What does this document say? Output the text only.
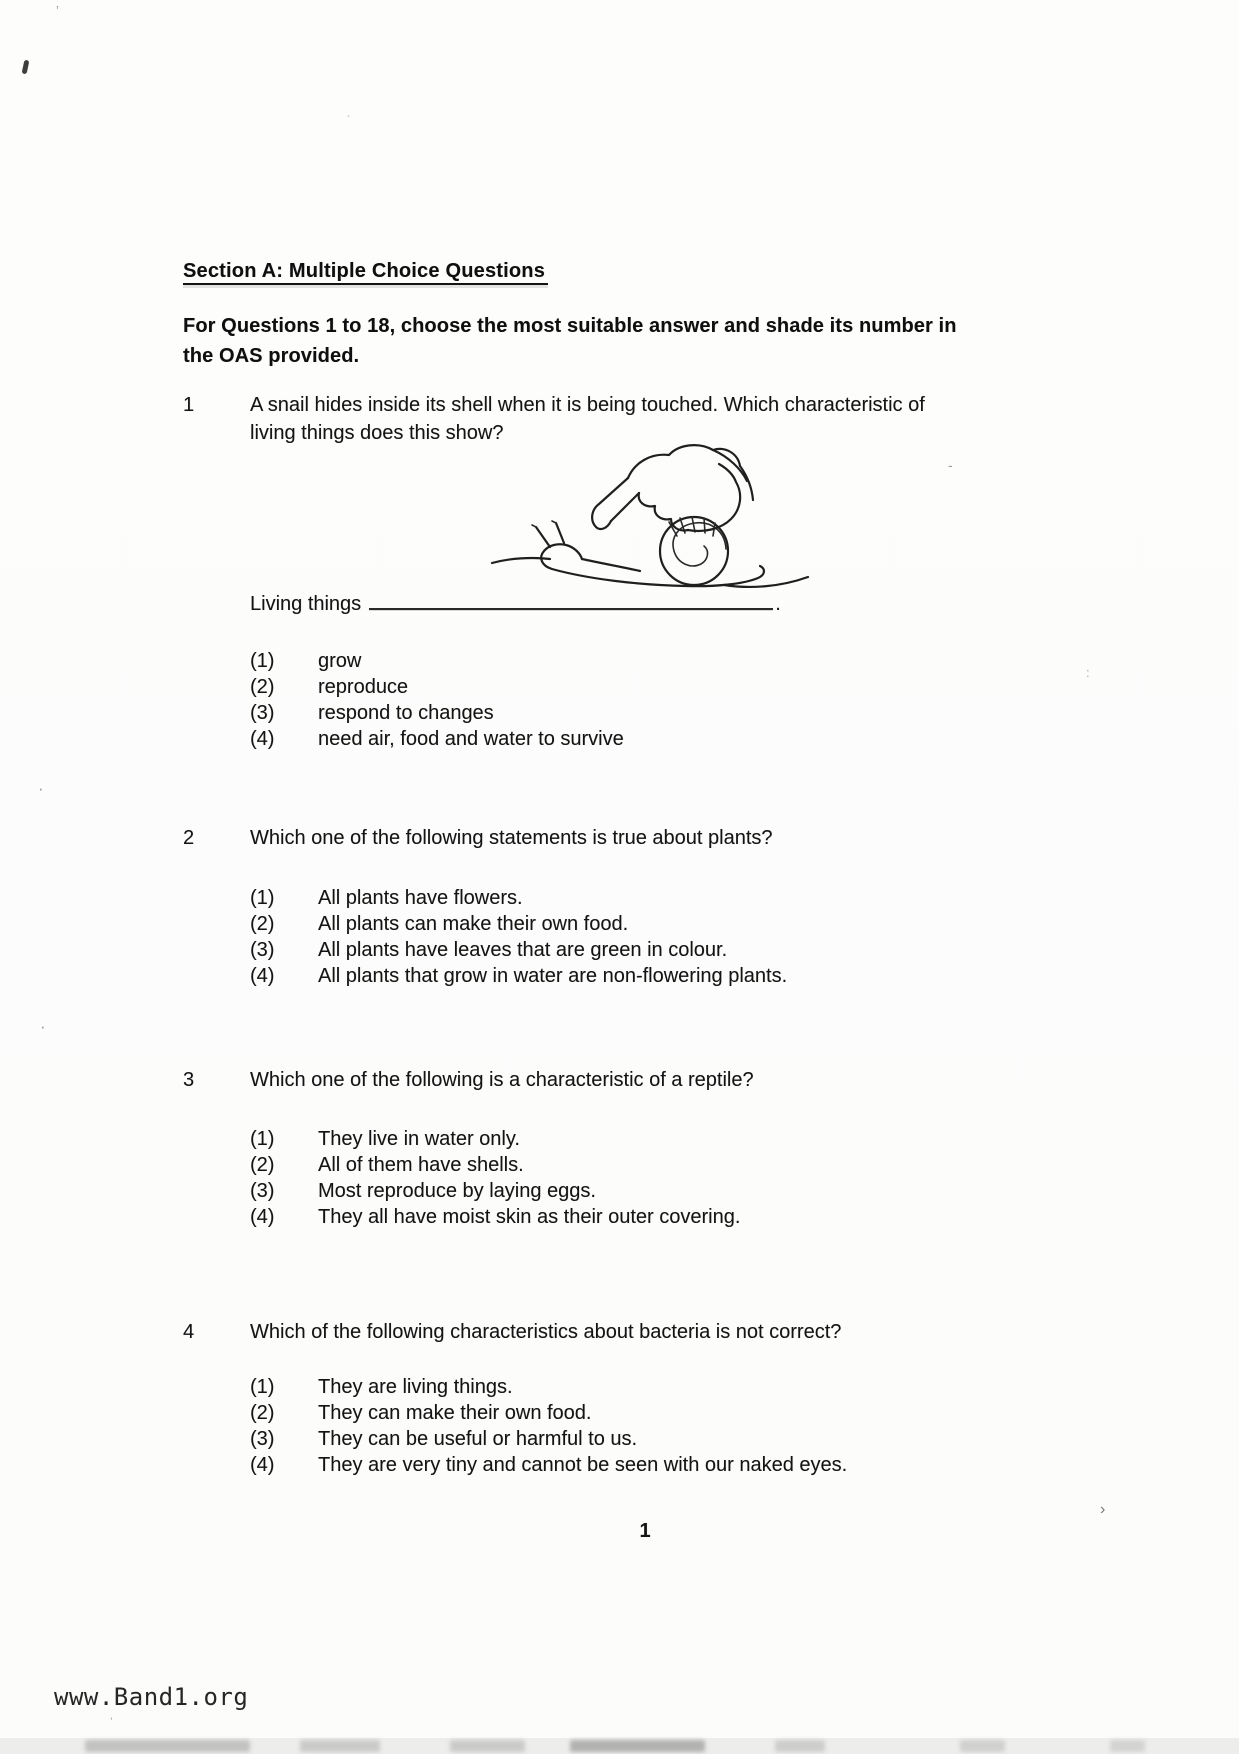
Section A: Multiple Choice Questions
For Questions 1 to 18, choose the most suitable answer and shade its number in
the OAS provided.
1	A snail hides inside its shell when it is being touched. Which characteristic of
living things does this show?
Living things	.
(1)	grow
(2)	reproduce
(3)	respond to changes
(4)	need air, food and water to survive
2	Which one of the following statements is true about plants?
(1)	All plants have flowers.
(2)	All plants can make their own food.
(3)	All plants have leaves that are green in colour.
(4)	All plants that grow in water are non-flowering plants.
3	Which one of the following is a characteristic of a reptile?
(1)	They live in water only.
(2)	All of them have shells.
(3)	Most reproduce by laying eggs.
(4)	They all have moist skin as their outer covering.
4	Which of the following characteristics about bacteria is not correct?
(1)	They are living things.
(2)	They can make their own food.
(3)	They can be useful or harmful to us.
(4)	They are very tiny and cannot be seen with our naked eyes.
1
www.Band1.org
’
·
-
:
·
·
›
’
